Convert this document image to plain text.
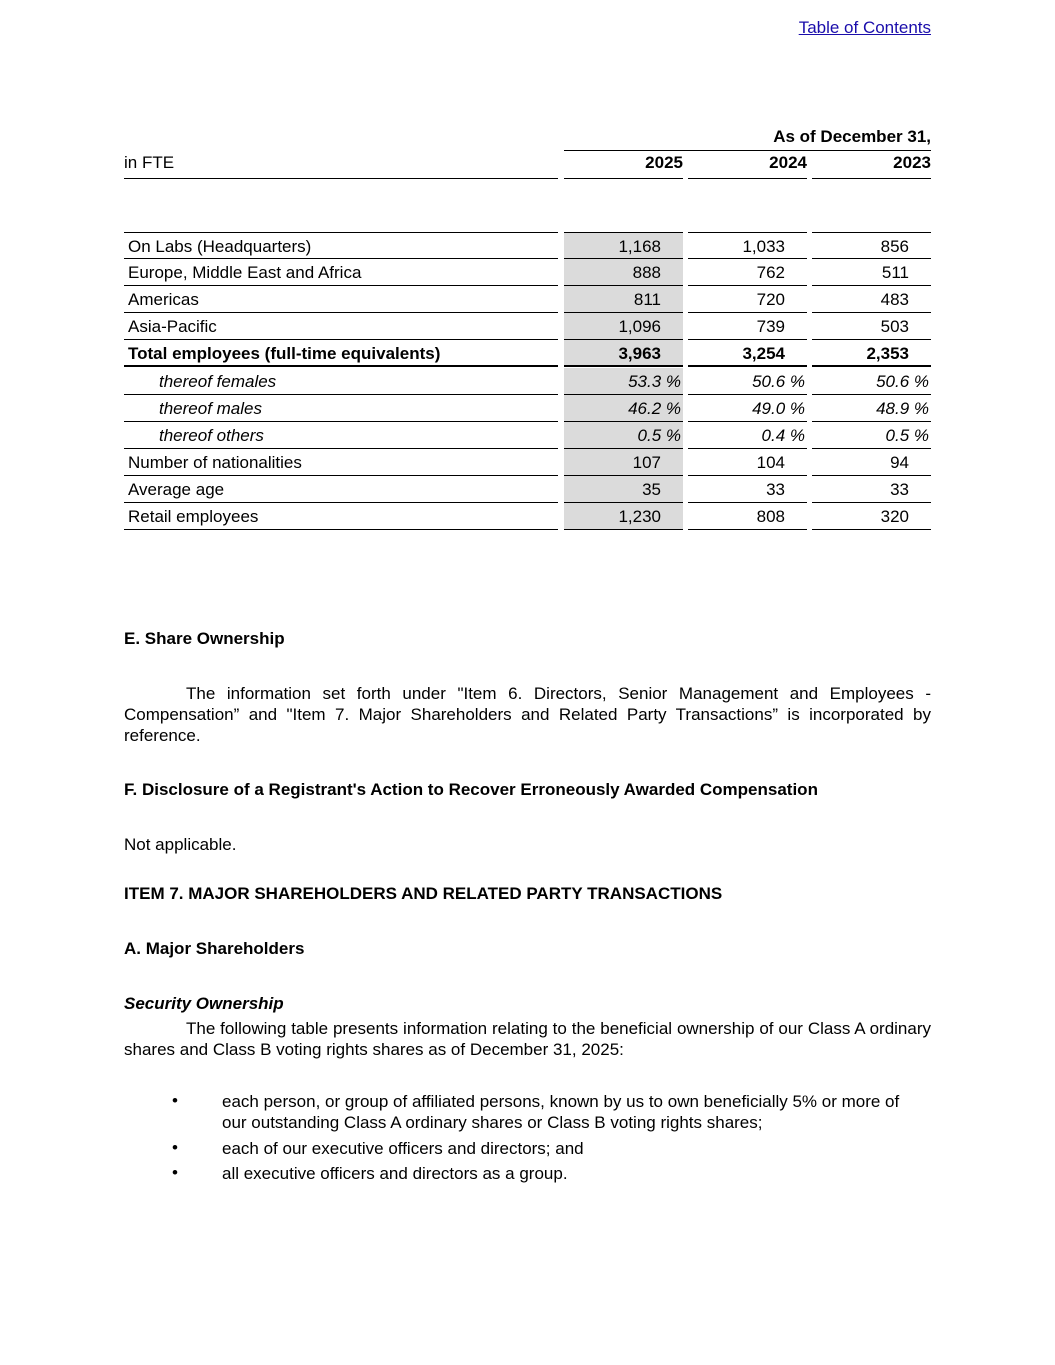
Table of Contents
As of December 31,
in FTE	2025	2024	2023
On Labs (Headquarters)	1,168	1,033	856
Europe, Middle East and Africa	888	762	511
Americas	811	720	483
Asia-Pacific	1,096	739	503
Total employees (full-time equivalents)	3,963	3,254	2,353
thereof females	53.3 %	50.6 %	50.6 %
thereof males	46.2 %	49.0 %	48.9 %
thereof others	0.5 %	0.4 %	0.5 %
Number of nationalities	107	104	94
Average age	35	33	33
Retail employees	1,230	808	320
E. Share Ownership
The information set forth under "Item 6. Directors, Senior Management and Employees - Compensation” and "Item 7. Major Shareholders and Related Party Transactions” is incorporated by reference.
F. Disclosure of a Registrant's Action to Recover Erroneously Awarded Compensation
Not applicable.
ITEM 7. MAJOR SHAREHOLDERS AND RELATED PARTY TRANSACTIONS
A. Major Shareholders
Security Ownership
The following table presents information relating to the beneficial ownership of our Class A ordinary shares and Class B voting rights shares as of December 31, 2025:
•	each person, or group of affiliated persons, known by us to own beneficially 5% or more of our outstanding Class A ordinary shares or Class B voting rights shares;
•	each of our executive officers and directors; and
•	all executive officers and directors as a group.
